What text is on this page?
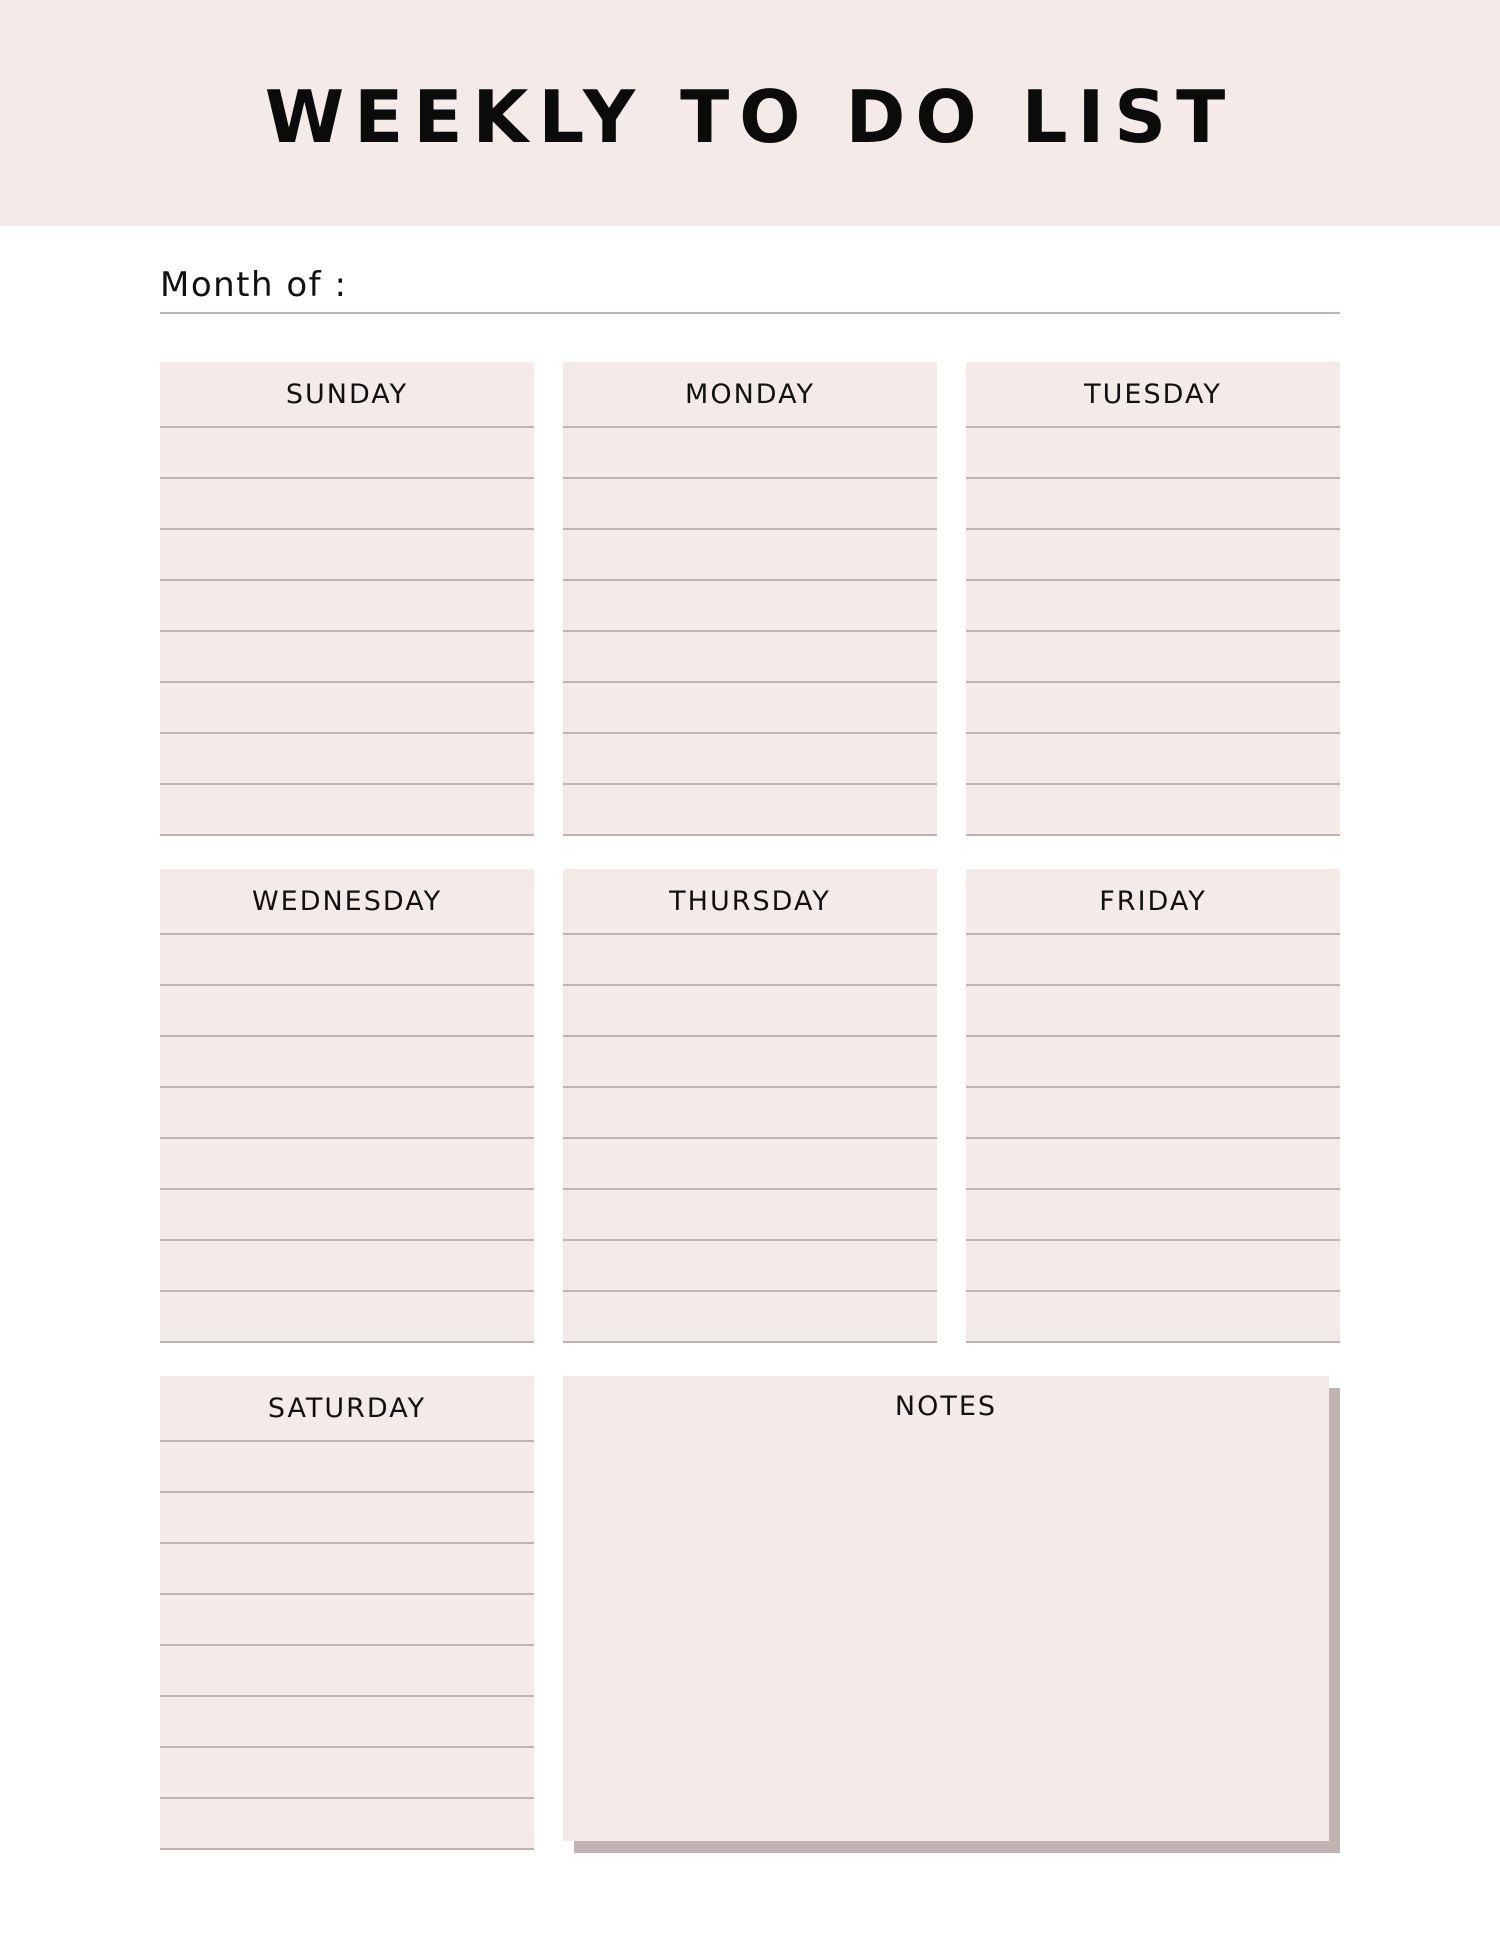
WEEKLY TO DO LIST
Month of :
SUNDAY	MONDAY	TUESDAY
WEDNESDAY	THURSDAY	FRIDAY
SATURDAY	NOTES
